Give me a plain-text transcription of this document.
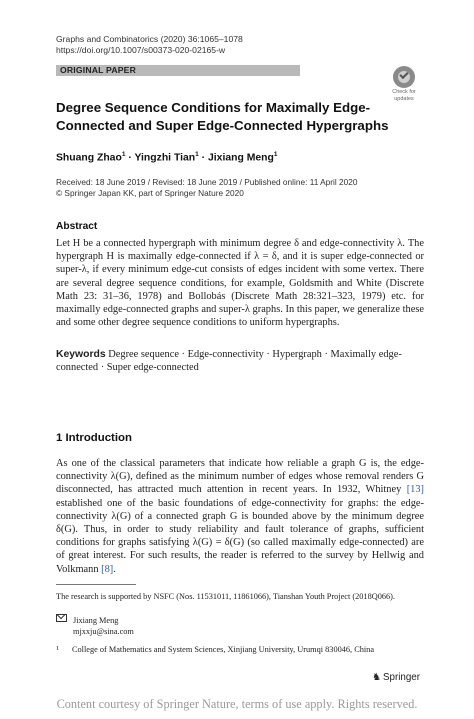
Graphs and Combinatorics (2020) 36:1065–1078
https://doi.org/10.1007/s00373-020-02165-w
ORIGINAL PAPER
Check for
updates
Degree Sequence Conditions for Maximally Edge-
Connected and Super Edge-Connected Hypergraphs
Shuang Zhao$^1$ · Yingzhi Tian$^1$ · Jixiang Meng$^1$
Received: 18 June 2019 / Revised: 18 June 2019 / Published online: 11 April 2020
© Springer Japan KK, part of Springer Nature 2020
Abstract
Let H be a connected hypergraph with minimum degree δ and edge-connectivity λ. The hypergraph H is maximally edge-connected if λ = δ, and it is super edge-connected or super-λ, if every minimum edge-cut consists of edges incident with some vertex. There are several degree sequence conditions, for example, Goldsmith and White (Discrete Math 23: 31–36, 1978) and Bollobás (Discrete Math 28:321–323, 1979) etc. for maximally edge-connected graphs and super-λ graphs. In this paper, we generalize these and some other degree sequence conditions to uniform hypergraphs.
Keywords Degree sequence · Edge-connectivity · Hypergraph · Maximally edge-connected · Super edge-connected
1 Introduction
As one of the classical parameters that indicate how reliable a graph G is, the edge-connectivity λ(G), defined as the minimum number of edges whose removal renders G disconnected, has attracted much attention in recent years. In 1932, Whitney [13] established one of the basic foundations of edge-connectivity for graphs: the edge-connectivity λ(G) of a connected graph G is bounded above by the minimum degree δ(G). Thus, in order to study reliability and fault tolerance of graphs, sufficient conditions for graphs satisfying λ(G) = δ(G) (so called maximally edge-connected) are of great interest. For such results, the reader is referred to the survey by Hellwig and Volkmann [8].
The research is supported by NSFC (Nos. 11531011, 11861066), Tianshan Youth Project (2018Q066).
Jixiang Meng
mjxxju@sina.com
1 College of Mathematics and System Sciences, Xinjiang University, Urumqi 830046, China
♞ Springer
Content courtesy of Springer Nature, terms of use apply. Rights reserved.
